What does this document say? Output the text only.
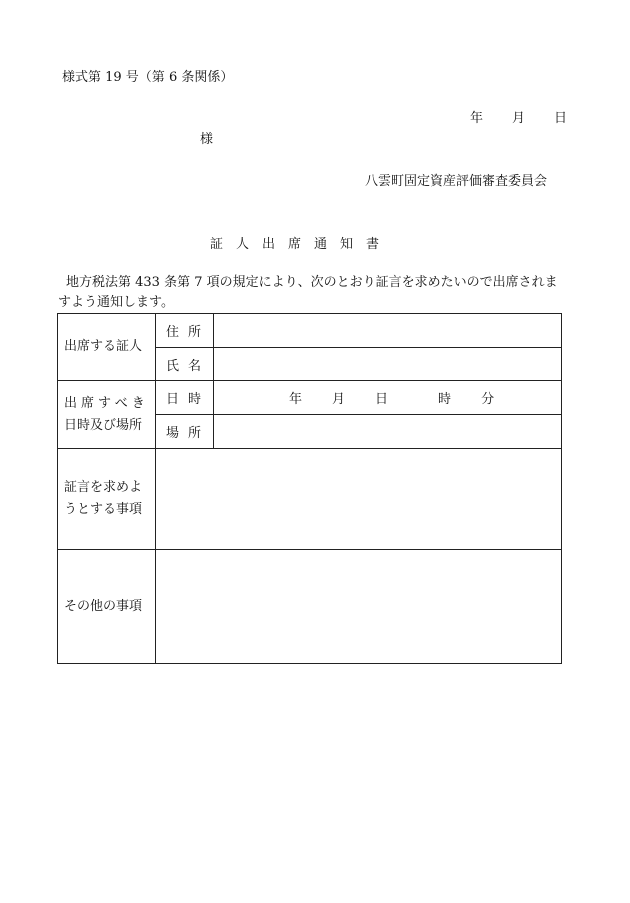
様式第 19 号（第 6 条関係）
年 月 日
様
八雲町固定資産評価審査委員会
証 人 出 席 通 知 書
地方税法第 433 条第 7 項の規定により、次のとおり証言を求めたいので出席されますよう通知します。
出席する証人	住 所	
	氏 名	

出席すべき
日時及び場所	日 時	年 月 日 時 分
	場 所	

証言を求めよ
うとする事項		

その他の事項		
